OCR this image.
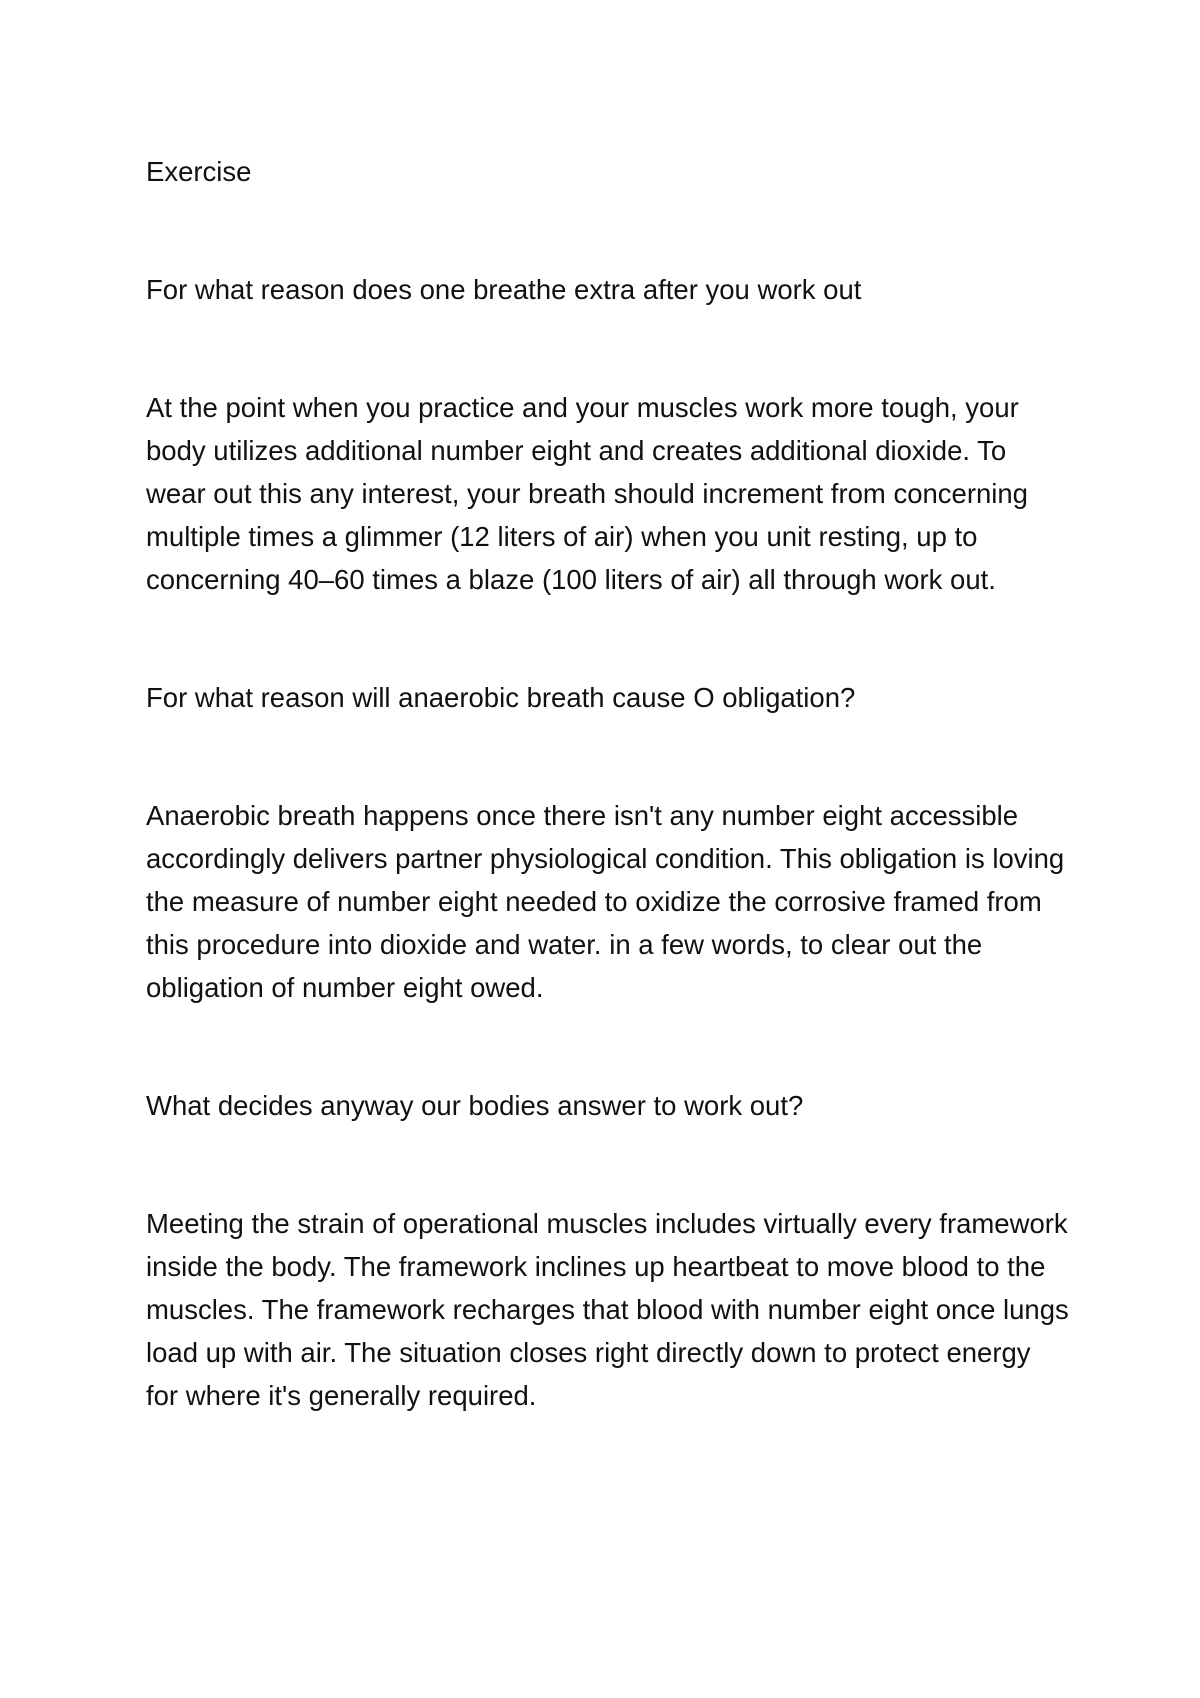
Exercise

For what reason does one breathe extra after you work out

At the point when you practice and your muscles work more tough, your body utilizes additional number eight and creates additional dioxide. To wear out this any interest, your breath should increment from concerning multiple times a glimmer (12 liters of air) when you unit resting, up to concerning 40–60 times a blaze (100 liters of air) all through work out.

For what reason will anaerobic breath cause O obligation?

Anaerobic breath happens once there isn't any number eight accessible accordingly delivers partner physiological condition. This obligation is loving the measure of number eight needed to oxidize the corrosive framed from this procedure into dioxide and water. in a few words, to clear out the obligation of number eight owed.

What decides anyway our bodies answer to work out?

Meeting the strain of operational muscles includes virtually every framework inside the body. The framework inclines up heartbeat to move blood to the muscles. The framework recharges that blood with number eight once lungs load up with air. The situation closes right directly down to protect energy for where it's generally required.
